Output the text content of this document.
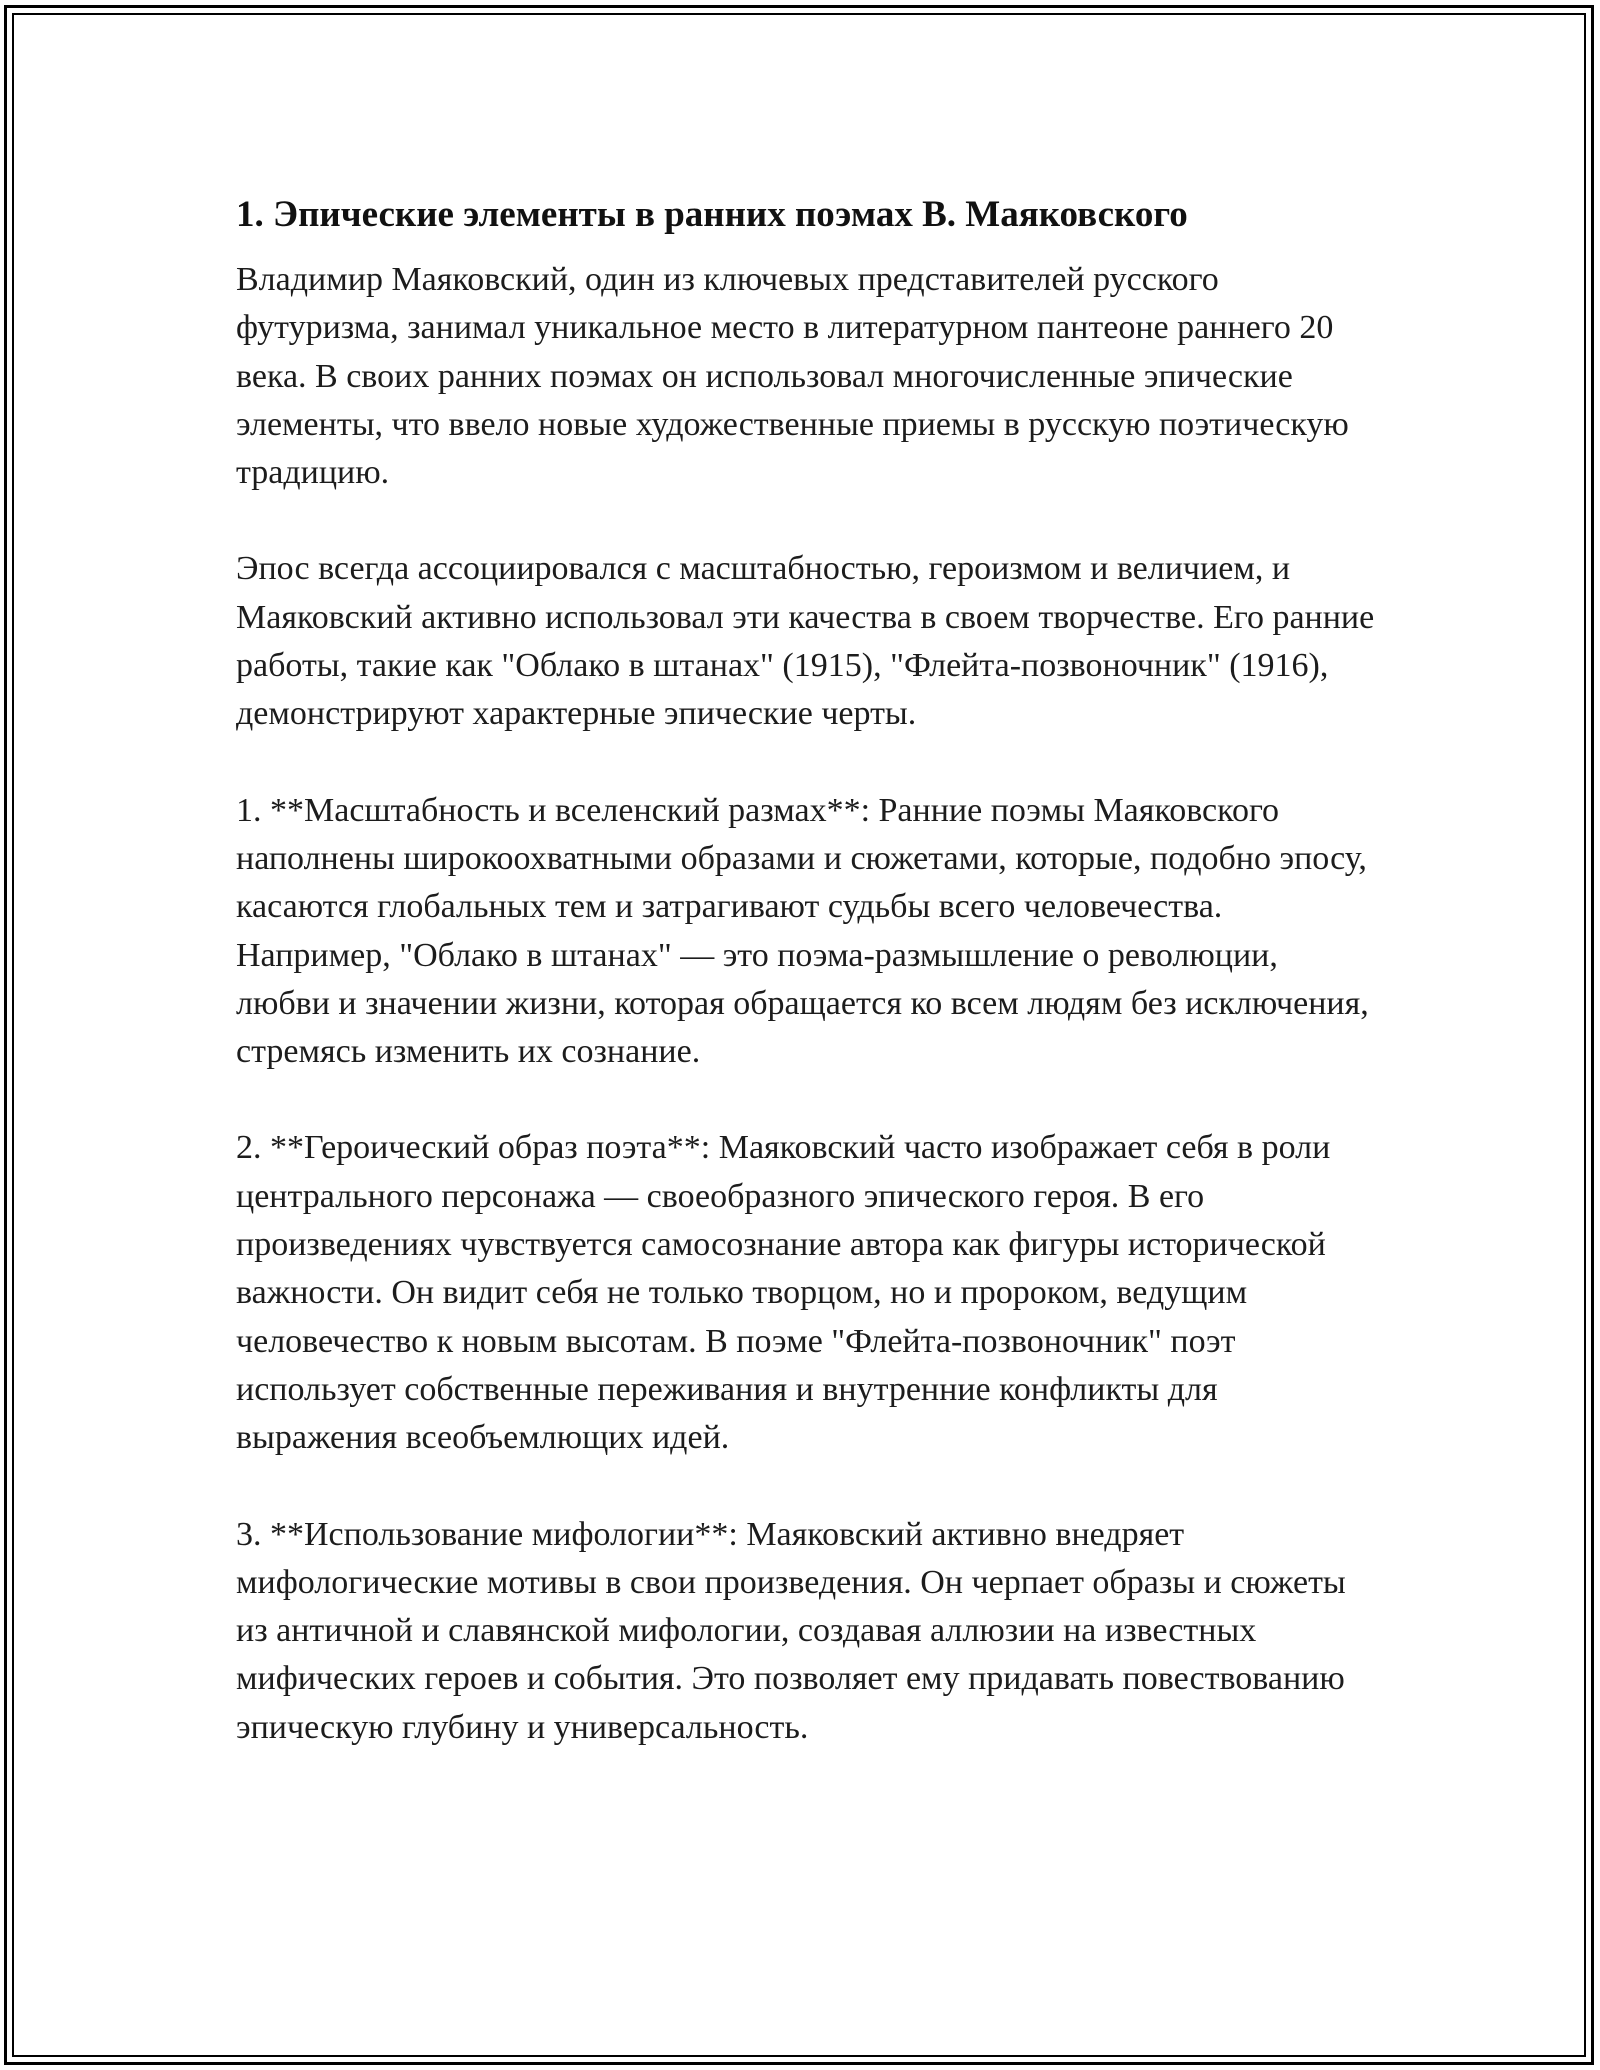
1. Эпические элементы в ранних поэмах В. Маяковского

Владимир Маяковский, один из ключевых представителей русского футуризма, занимал уникальное место в литературном пантеоне раннего 20 века. В своих ранних поэмах он использовал многочисленные эпические элементы, что ввело новые художественные приемы в русскую поэтическую традицию.

Эпос всегда ассоциировался с масштабностью, героизмом и величием, и Маяковский активно использовал эти качества в своем творчестве. Его ранние работы, такие как "Облако в штанах" (1915), "Флейта-позвоночник" (1916), демонстрируют характерные эпические черты.

1. **Масштабность и вселенский размах**: Ранние поэмы Маяковского наполнены широкоохватными образами и сюжетами, которые, подобно эпосу, касаются глобальных тем и затрагивают судьбы всего человечества. Например, "Облако в штанах" — это поэма-размышление о революции, любви и значении жизни, которая обращается ко всем людям без исключения, стремясь изменить их сознание.

2. **Героический образ поэта**: Маяковский часто изображает себя в роли центрального персонажа — своеобразного эпического героя. В его произведениях чувствуется самосознание автора как фигуры исторической важности. Он видит себя не только творцом, но и пророком, ведущим человечество к новым высотам. В поэме "Флейта-позвоночник" поэт использует собственные переживания и внутренние конфликты для выражения всеобъемлющих идей.

3. **Использование мифологии**: Маяковский активно внедряет мифологические мотивы в свои произведения. Он черпает образы и сюжеты из античной и славянской мифологии, создавая аллюзии на известных мифических героев и события. Это позволяет ему придавать повествованию эпическую глубину и универсальность.
